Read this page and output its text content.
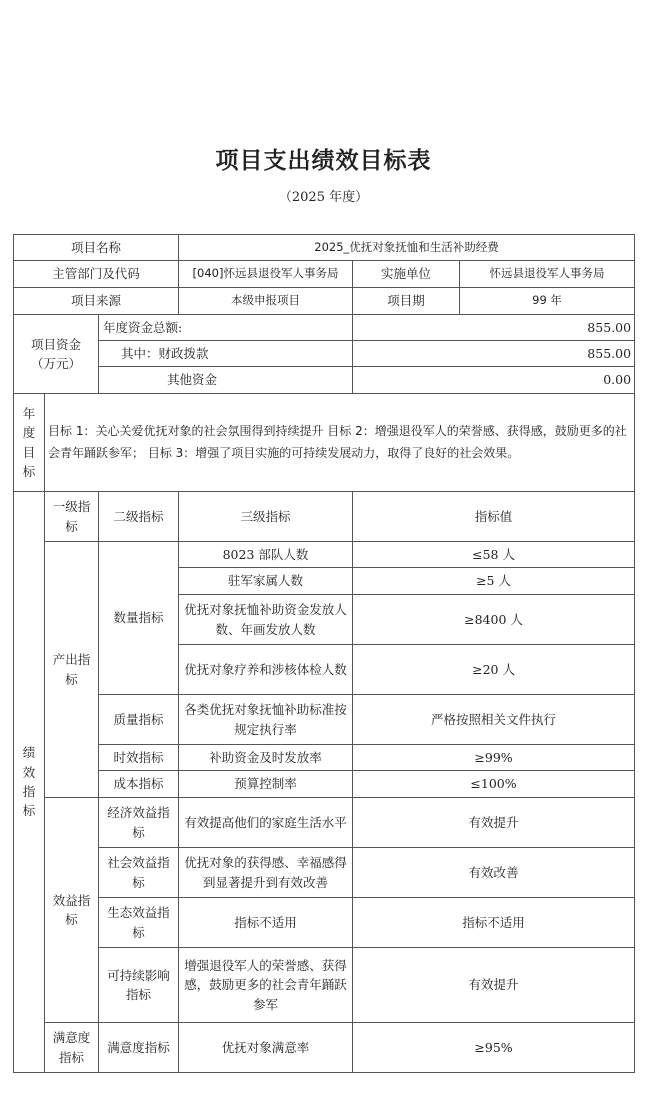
项目支出绩效目标表
（2025 年度）
项目名称			2025_优抚对象抚恤和生活补助经费		
主管部门及代码			[040]怀远县退役军人事务局	实施单位	怀远县退役军人事务局
项目来源			本级申报项目	项目期	99 年

项目资金
（万元）		年度资金总额:		855.00	
		其中：财政拨款		855.00	
		其他资金		0.00	

年
度
目
标	目标 1：关心关爱优抚对象的社会氛围得到持续提升 目标 2：增强退役军人的荣誉感、获得感，鼓励更多的社会青年踊跃参军； 目标 3：增强了项目实施的可持续发展动力，取得了良好的社会效果。				

绩
效
指
标	一级指标	二级指标	三级指标	指标值	
	产出指标	数量指标	8023 部队人数	≤58 人	
			驻军家属人数	≥5 人	
			优抚对象抚恤补助资金发放人数、年画发放人数	≥8400 人	
			优抚对象疗养和涉核体检人数	≥20 人	
		质量指标	各类优抚对象抚恤补助标准按规定执行率	严格按照相关文件执行	
		时效指标	补助资金及时发放率	≥99%	
		成本指标	预算控制率	≤100%	
	效益指标	经济效益指标	有效提高他们的家庭生活水平	有效提升	
		社会效益指标	优抚对象的获得感、幸福感得到显著提升到有效改善	有效改善	
		生态效益指标	指标不适用	指标不适用	
		可持续影响指标	增强退役军人的荣誉感、获得感，鼓励更多的社会青年踊跃参军	有效提升	
	满意度指标	满意度指标	优抚对象满意率	≥95%	
